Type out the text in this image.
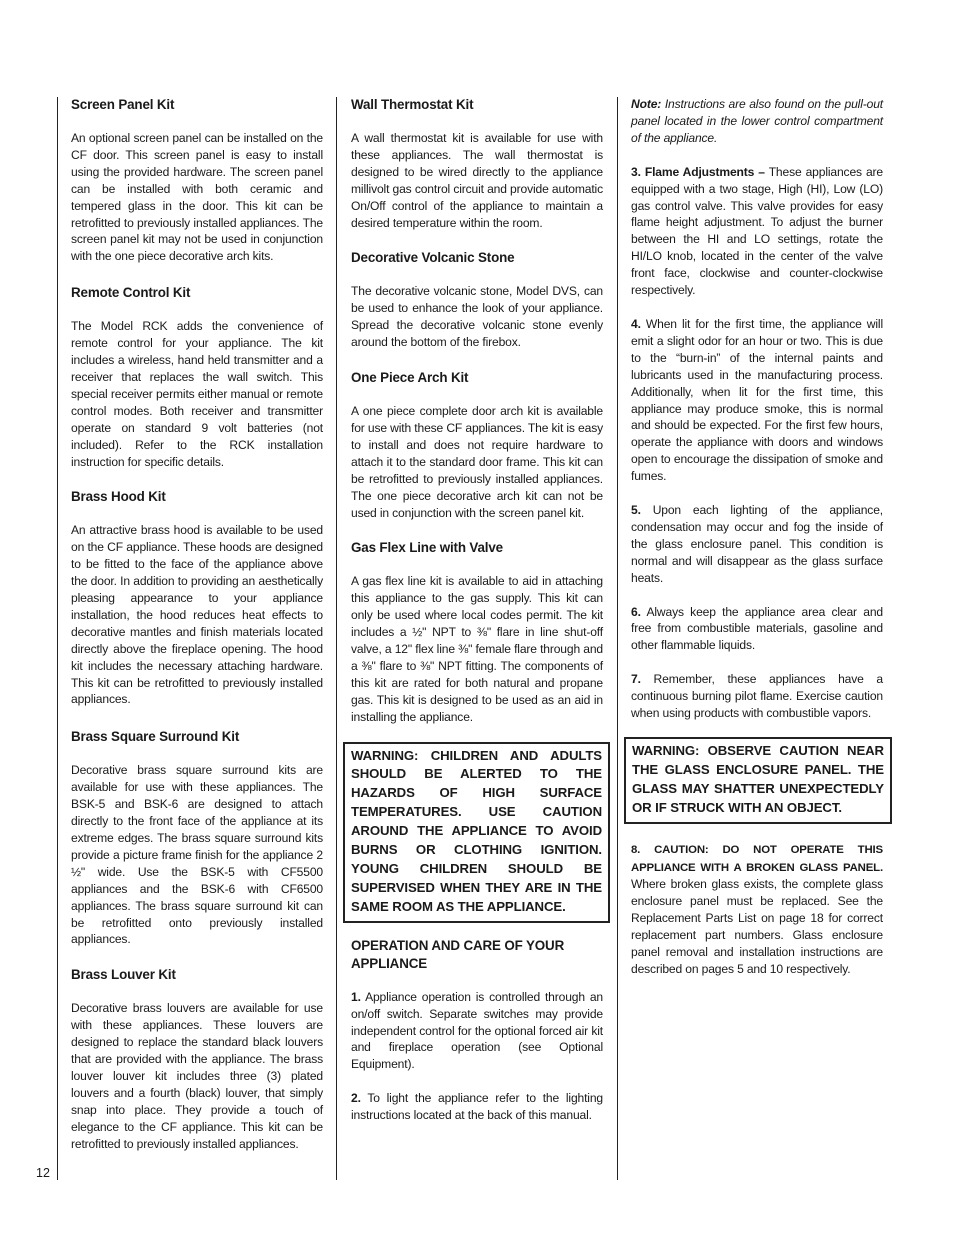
Screen Panel Kit

An optional screen panel can be installed on the CF door. This screen panel is easy to install using the provided hardware. The screen panel can be installed with both ceramic and tempered glass in the door. This kit can be retrofitted to previously installed appliances. The screen panel kit may not be used in conjunction with the one piece decorative arch kits.

Remote Control Kit

The Model RCK adds the convenience of remote control for your appliance. The kit includes a wireless, hand held transmitter and a receiver that replaces the wall switch. This special receiver permits either manual or remote control modes. Both receiver and transmitter operate on standard 9 volt batteries (not included). Refer to the RCK installation instruction for specific details.

Brass Hood Kit

An attractive brass hood is available to be used on the CF appliance. These hoods are designed to be fitted to the face of the appliance above the door. In addition to providing an aesthetically pleasing appearance to your appliance installation, the hood reduces heat effects to decorative mantles and finish materials located directly above the fireplace opening. The hood kit includes the necessary attaching hardware. This kit can be retrofitted to previously installed appliances.

Brass Square Surround Kit

Decorative brass square surround kits are available for use with these appliances. The BSK-5 and BSK-6 are designed to attach directly to the front face of the appliance at its extreme edges. The brass square surround kits provide a picture frame finish for the appliance 2 ½" wide. Use the BSK-5 with CF5500 appliances and the BSK-6 with CF6500 appliances. The brass square surround kit can be retrofitted onto previously installed appliances.

Brass Louver Kit

Decorative brass louvers are available for use with these appliances. These louvers are designed to replace the standard black louvers that are provided with the appliance. The brass louver louver kit includes three (3) plated louvers and a fourth (black) louver, that simply snap into place. They provide a touch of elegance to the CF appliance. This kit can be retrofitted to previously installed appliances.

Wall Thermostat Kit

A wall thermostat kit is available for use with these appliances. The wall thermostat is designed to be wired directly to the appliance millivolt gas control circuit and provide automatic On/Off control of the appliance to maintain a desired temperature within the room.

Decorative Volcanic Stone

The decorative volcanic stone, Model DVS, can be used to enhance the look of your appliance. Spread the decorative volcanic stone evenly around the bottom of the firebox.

One Piece Arch Kit

A one piece complete door arch kit is available for use with these CF appliances. The kit is easy to install and does not require hardware to attach it to the standard door frame. This kit can be retrofitted to previously installed appliances. The one piece decorative arch kit can not be used in conjunction with the screen panel kit.

Gas Flex Line with Valve

A gas flex line kit is available to aid in attaching this appliance to the gas supply. This kit can only be used where local codes permit. The kit includes a ½" NPT to ⅜" flare in line shut-off valve, a 12" flex line ⅜" female flare through and a ⅜" flare to ⅜" NPT fitting. The components of this kit are rated for both natural and propane gas. This kit is designed to be used as an aid in installing the appliance.

WARNING: CHILDREN AND ADULTS SHOULD BE ALERTED TO THE HAZARDS OF HIGH SURFACE TEMPERATURES. USE CAUTION AROUND THE APPLIANCE TO AVOID BURNS OR CLOTHING IGNITION. YOUNG CHILDREN SHOULD BE SUPERVISED WHEN THEY ARE IN THE SAME ROOM AS THE APPLIANCE.

OPERATION AND CARE OF YOUR APPLIANCE

1. Appliance operation is controlled through an on/off switch. Separate switches may provide independent control for the optional forced air kit and fireplace operation (see Optional Equipment).

2. To light the appliance refer to the lighting instructions located at the back of this manual.

Note: Instructions are also found on the pull-out panel located in the lower control compartment of the appliance.

3. Flame Adjustments – These appliances are equipped with a two stage, High (HI), Low (LO) gas control valve. This valve provides for easy flame height adjustment. To adjust the burner between the HI and LO settings, rotate the HI/LO knob, located in the center of the valve front face, clockwise and counter-clockwise respectively.

4. When lit for the first time, the appliance will emit a slight odor for an hour or two. This is due to the “burn-in” of the internal paints and lubricants used in the manufacturing process. Additionally, when lit for the first time, this appliance may produce smoke, this is normal and should be expected. For the first few hours, operate the appliance with doors and windows open to encourage the dissipation of smoke and fumes.

5. Upon each lighting of the appliance, condensation may occur and fog the inside of the glass enclosure panel. This condition is normal and will disappear as the glass surface heats.

6. Always keep the appliance area clear and free from combustible materials, gasoline and other flammable liquids.

7. Remember, these appliances have a continuous burning pilot flame. Exercise caution when using products with combustible vapors.

WARNING: OBSERVE CAUTION NEAR THE GLASS ENCLOSURE PANEL. THE GLASS MAY SHATTER UNEXPECTEDLY OR IF STRUCK WITH AN OBJECT.

8. CAUTION: DO NOT OPERATE THIS APPLIANCE WITH A BROKEN GLASS PANEL. Where broken glass exists, the complete glass enclosure panel must be replaced. See the Replacement Parts List on page 18 for correct replacement part numbers. Glass enclosure panel removal and installation instructions are described on pages 5 and 10 respectively.

12
